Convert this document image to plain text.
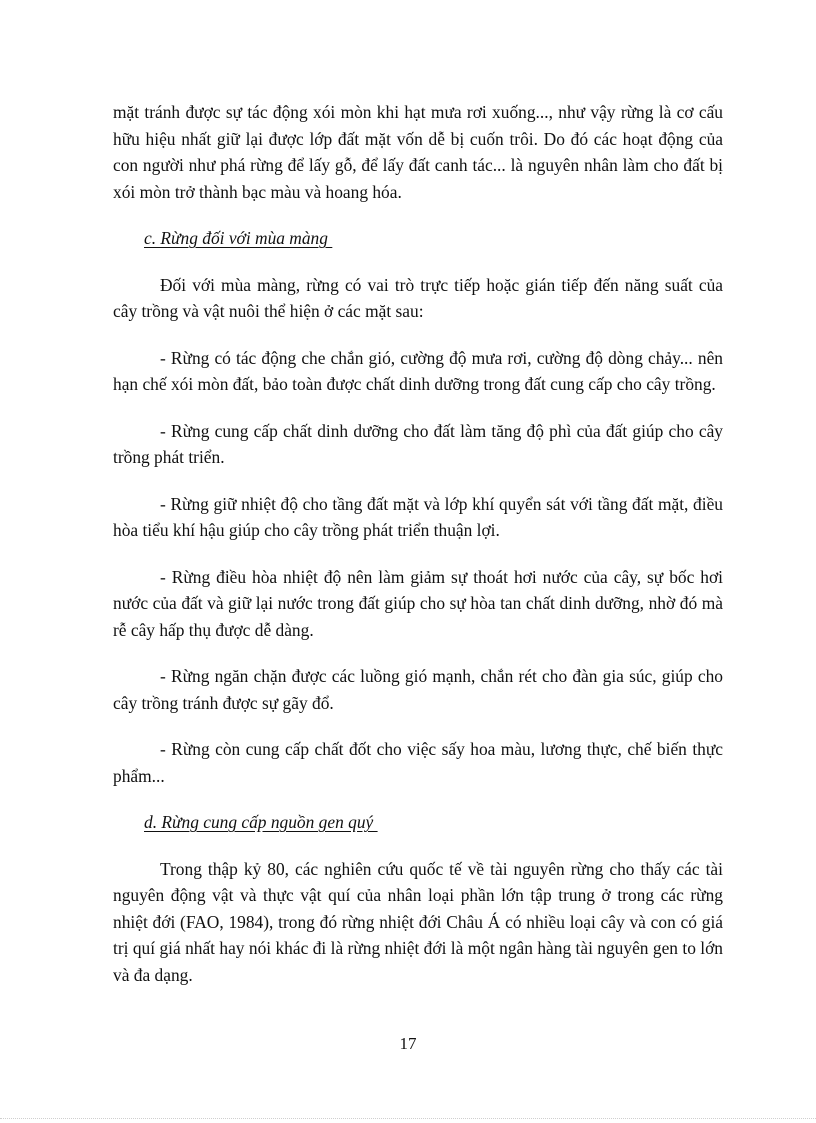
mặt tránh được sự tác động xói mòn khi hạt mưa rơi xuống..., như vậy rừng là cơ cấu hữu hiệu nhất giữ lại được lớp đất mặt vốn dễ bị cuốn trôi. Do đó các hoạt động của con người như phá rừng để lấy gỗ, để lấy đất canh tác... là nguyên nhân làm cho đất bị xói mòn trở thành bạc màu và hoang hóa.

c. Rừng đối với mùa màng

Đối với mùa màng, rừng có vai trò trực tiếp hoặc gián tiếp đến năng suất của cây trồng và vật nuôi thể hiện ở các mặt sau:

- Rừng có tác động che chắn gió, cường độ mưa rơi, cường độ dòng chảy... nên hạn chế xói mòn đất, bảo toàn được chất dinh dưỡng trong đất cung cấp cho cây trồng.

- Rừng cung cấp chất dinh dưỡng cho đất làm tăng độ phì của đất giúp cho cây trồng phát triển.

- Rừng giữ nhiệt độ cho tầng đất mặt và lớp khí quyển sát với tầng đất mặt, điều hòa tiểu khí hậu giúp cho cây trồng phát triển thuận lợi.

- Rừng điều hòa nhiệt độ nên làm giảm sự thoát hơi nước của cây, sự bốc hơi nước của đất và giữ lại nước trong đất giúp cho sự hòa tan chất dinh dưỡng, nhờ đó mà rễ cây hấp thụ được dễ dàng.

- Rừng ngăn chặn được các luồng gió mạnh, chắn rét cho đàn gia súc, giúp cho cây trồng tránh được sự gãy đổ.

- Rừng còn cung cấp chất đốt cho việc sấy hoa màu, lương thực, chế biến thực phẩm...

d. Rừng cung cấp nguồn gen quý

Trong thập kỷ 80, các nghiên cứu quốc tế về tài nguyên rừng cho thấy các tài nguyên động vật và thực vật quí của nhân loại phần lớn tập trung ở trong các rừng nhiệt đới (FAO, 1984), trong đó rừng nhiệt đới Châu Á có nhiều loại cây và con có giá trị quí giá nhất hay nói khác đi là rừng nhiệt đới là một ngân hàng tài nguyên gen to lớn và đa dạng.

17
